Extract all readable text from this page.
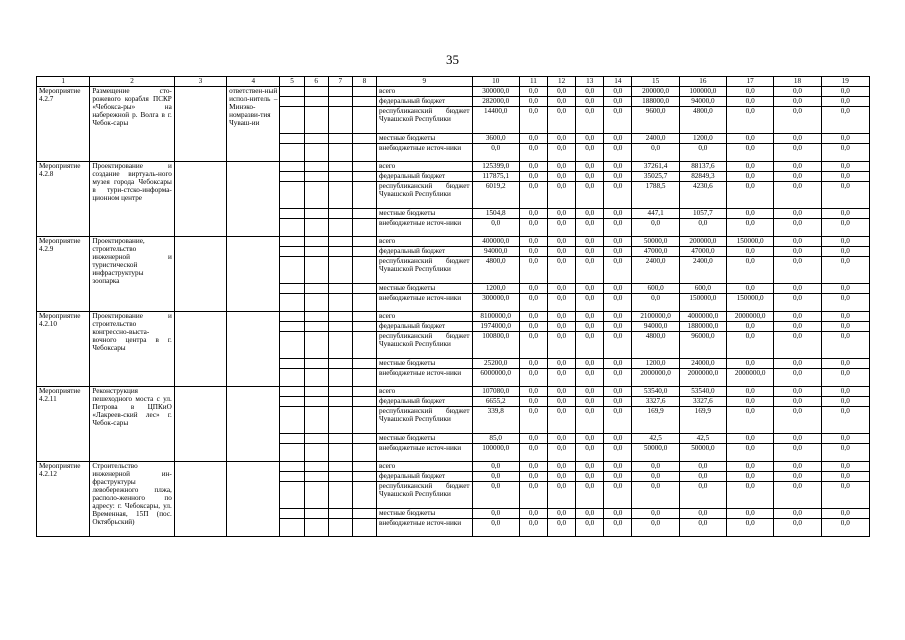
35
1	2	3	4	5	6	7	8	9	10	11	12	13	14	15	16	17	18	19
Мероприятие 4.2.7	Размещение сто-рожевого корабля ПСКР «Чебокса-ры» на набережной р. Волга в г. Чебок-сары		ответствен-ный испол-нитель – Минэко-номразви-тия Чуваш-ии					всего	300000,0	0,0	0,0	0,0	0,0	200000,0	100000,0	0,0	0,0	0,0
								федеральный бюджет	282000,0	0,0	0,0	0,0	0,0	188000,0	94000,0	0,0	0,0	0,0
								республиканский бюджет Чувашской Республики	14400,0	0,0	0,0	0,0	0,0	9600,0	4800,0	0,0	0,0	0,0
								местные бюджеты	3600,0	0,0	0,0	0,0	0,0	2400,0	1200,0	0,0	0,0	0,0
								внебюджетные источ-ники	0,0	0,0	0,0	0,0	0,0	0,0	0,0	0,0	0,0	0,0
Мероприятие 4.2.8	Проектирование и создание виртуаль-ного музея города Чебоксары в тури-стско-информа-ционном центре							всего	125399,0	0,0	0,0	0,0	0,0	37261,4	88137,6	0,0	0,0	0,0
								федеральный бюджет	117875,1	0,0	0,0	0,0	0,0	35025,7	82849,3	0,0	0,0	0,0
								республиканский бюджет Чувашской Республики	6019,2	0,0	0,0	0,0	0,0	1788,5	4230,6	0,0	0,0	0,0
								местные бюджеты	1504,8	0,0	0,0	0,0	0,0	447,1	1057,7	0,0	0,0	0,0
								внебюджетные источ-ники	0,0	0,0	0,0	0,0	0,0	0,0	0,0	0,0	0,0	0,0
Мероприятие 4.2.9	Проектирование, строительство инженерной и туристической инфраструктуры зоопарка							всего	400000,0	0,0	0,0	0,0	0,0	50000,0	200000,0	150000,0	0,0	0,0
								федеральный бюджет	94000,0	0,0	0,0	0,0	0,0	47000,0	47000,0	0,0	0,0	0,0
								республиканский бюджет Чувашской Республики	4800,0	0,0	0,0	0,0	0,0	2400,0	2400,0	0,0	0,0	0,0
								местные бюджеты	1200,0	0,0	0,0	0,0	0,0	600,0	600,0	0,0	0,0	0,0
								внебюджетные источ-ники	300000,0	0,0	0,0	0,0	0,0	0,0	150000,0	150000,0	0,0	0,0
Мероприятие 4.2.10	Проектирование и строительство конгрессно-выста-вочного центра в г. Чебоксары							всего	8100000,0	0,0	0,0	0,0	0,0	2100000,0	4000000,0	2000000,0	0,0	0,0
								федеральный бюджет	1974000,0	0,0	0,0	0,0	0,0	94000,0	1880000,0	0,0	0,0	0,0
								республиканский бюджет Чувашской Республики	100800,0	0,0	0,0	0,0	0,0	4800,0	96000,0	0,0	0,0	0,0
								местные бюджеты	25200,0	0,0	0,0	0,0	0,0	1200,0	24000,0	0,0	0,0	0,0
								внебюджетные источ-ники	6000000,0	0,0	0,0	0,0	0,0	2000000,0	2000000,0	2000000,0	0,0	0,0
Мероприятие 4.2.11	Реконструкция пешеходного моста с ул. Петрова в ЦПКиО «Лакреев-ский лес» г. Чебок-сары							всего	107080,0	0,0	0,0	0,0	0,0	53540,0	53540,0	0,0	0,0	0,0
								федеральный бюджет	6655,2	0,0	0,0	0,0	0,0	3327,6	3327,6	0,0	0,0	0,0
								республиканский бюджет Чувашской Республики	339,8	0,0	0,0	0,0	0,0	169,9	169,9	0,0	0,0	0,0
								местные бюджеты	85,0	0,0	0,0	0,0	0,0	42,5	42,5	0,0	0,0	0,0
								внебюджетные источ-ники	100000,0	0,0	0,0	0,0	0,0	50000,0	50000,0	0,0	0,0	0,0
Мероприятие 4.2.12	Строительство инженерной ин-фраструктуры левобережного плжа, располо-женного по адресу: г. Чебоксары, ул. Временная, 15П (пос. Октябрьский)							всего	0,0	0,0	0,0	0,0	0,0	0,0	0,0	0,0	0,0	0,0
								федеральный бюджет	0,0	0,0	0,0	0,0	0,0	0,0	0,0	0,0	0,0	0,0
								республиканский бюджет Чувашской Республики	0,0	0,0	0,0	0,0	0,0	0,0	0,0	0,0	0,0	0,0
								местные бюджеты	0,0	0,0	0,0	0,0	0,0	0,0	0,0	0,0	0,0	0,0
								внебюджетные источ-ники	0,0	0,0	0,0	0,0	0,0	0,0	0,0	0,0	0,0	0,0
